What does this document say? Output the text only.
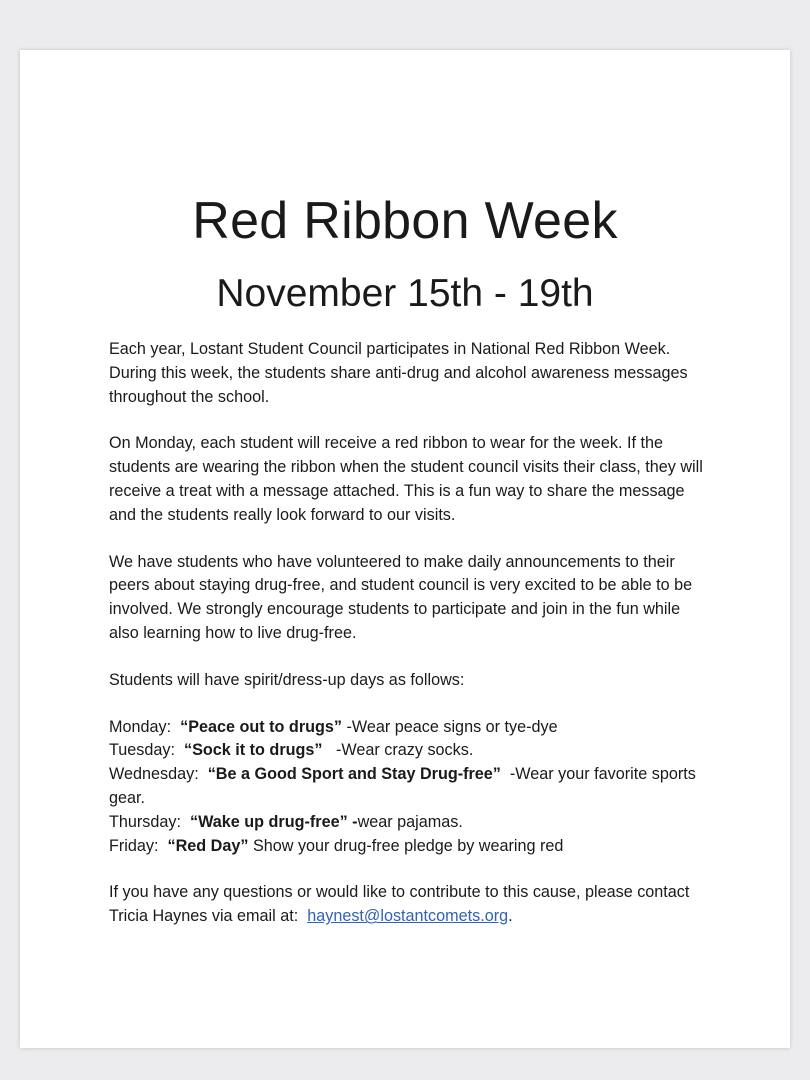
Red Ribbon Week
November 15th - 19th

Each year, Lostant Student Council participates in National Red Ribbon Week. During this week, the students share anti-drug and alcohol awareness messages throughout the school.

On Monday, each student will receive a red ribbon to wear for the week. If the students are wearing the ribbon when the student council visits their class, they will receive a treat with a message attached. This is a fun way to share the message and the students really look forward to our visits.

We have students who have volunteered to make daily announcements to their peers about staying drug-free, and student council is very excited to be able to be involved. We strongly encourage students to participate and join in the fun while also learning how to live drug-free.

Students will have spirit/dress-up days as follows:

Monday: “Peace out to drugs” -Wear peace signs or tye-dye
Tuesday: “Sock it to drugs” -Wear crazy socks.
Wednesday: “Be a Good Sport and Stay Drug-free” -Wear your favorite sports gear.
Thursday: “Wake up drug-free” -wear pajamas.
Friday: “Red Day” Show your drug-free pledge by wearing red

If you have any questions or would like to contribute to this cause, please contact Tricia Haynes via email at: haynest@lostantcomets.org.
